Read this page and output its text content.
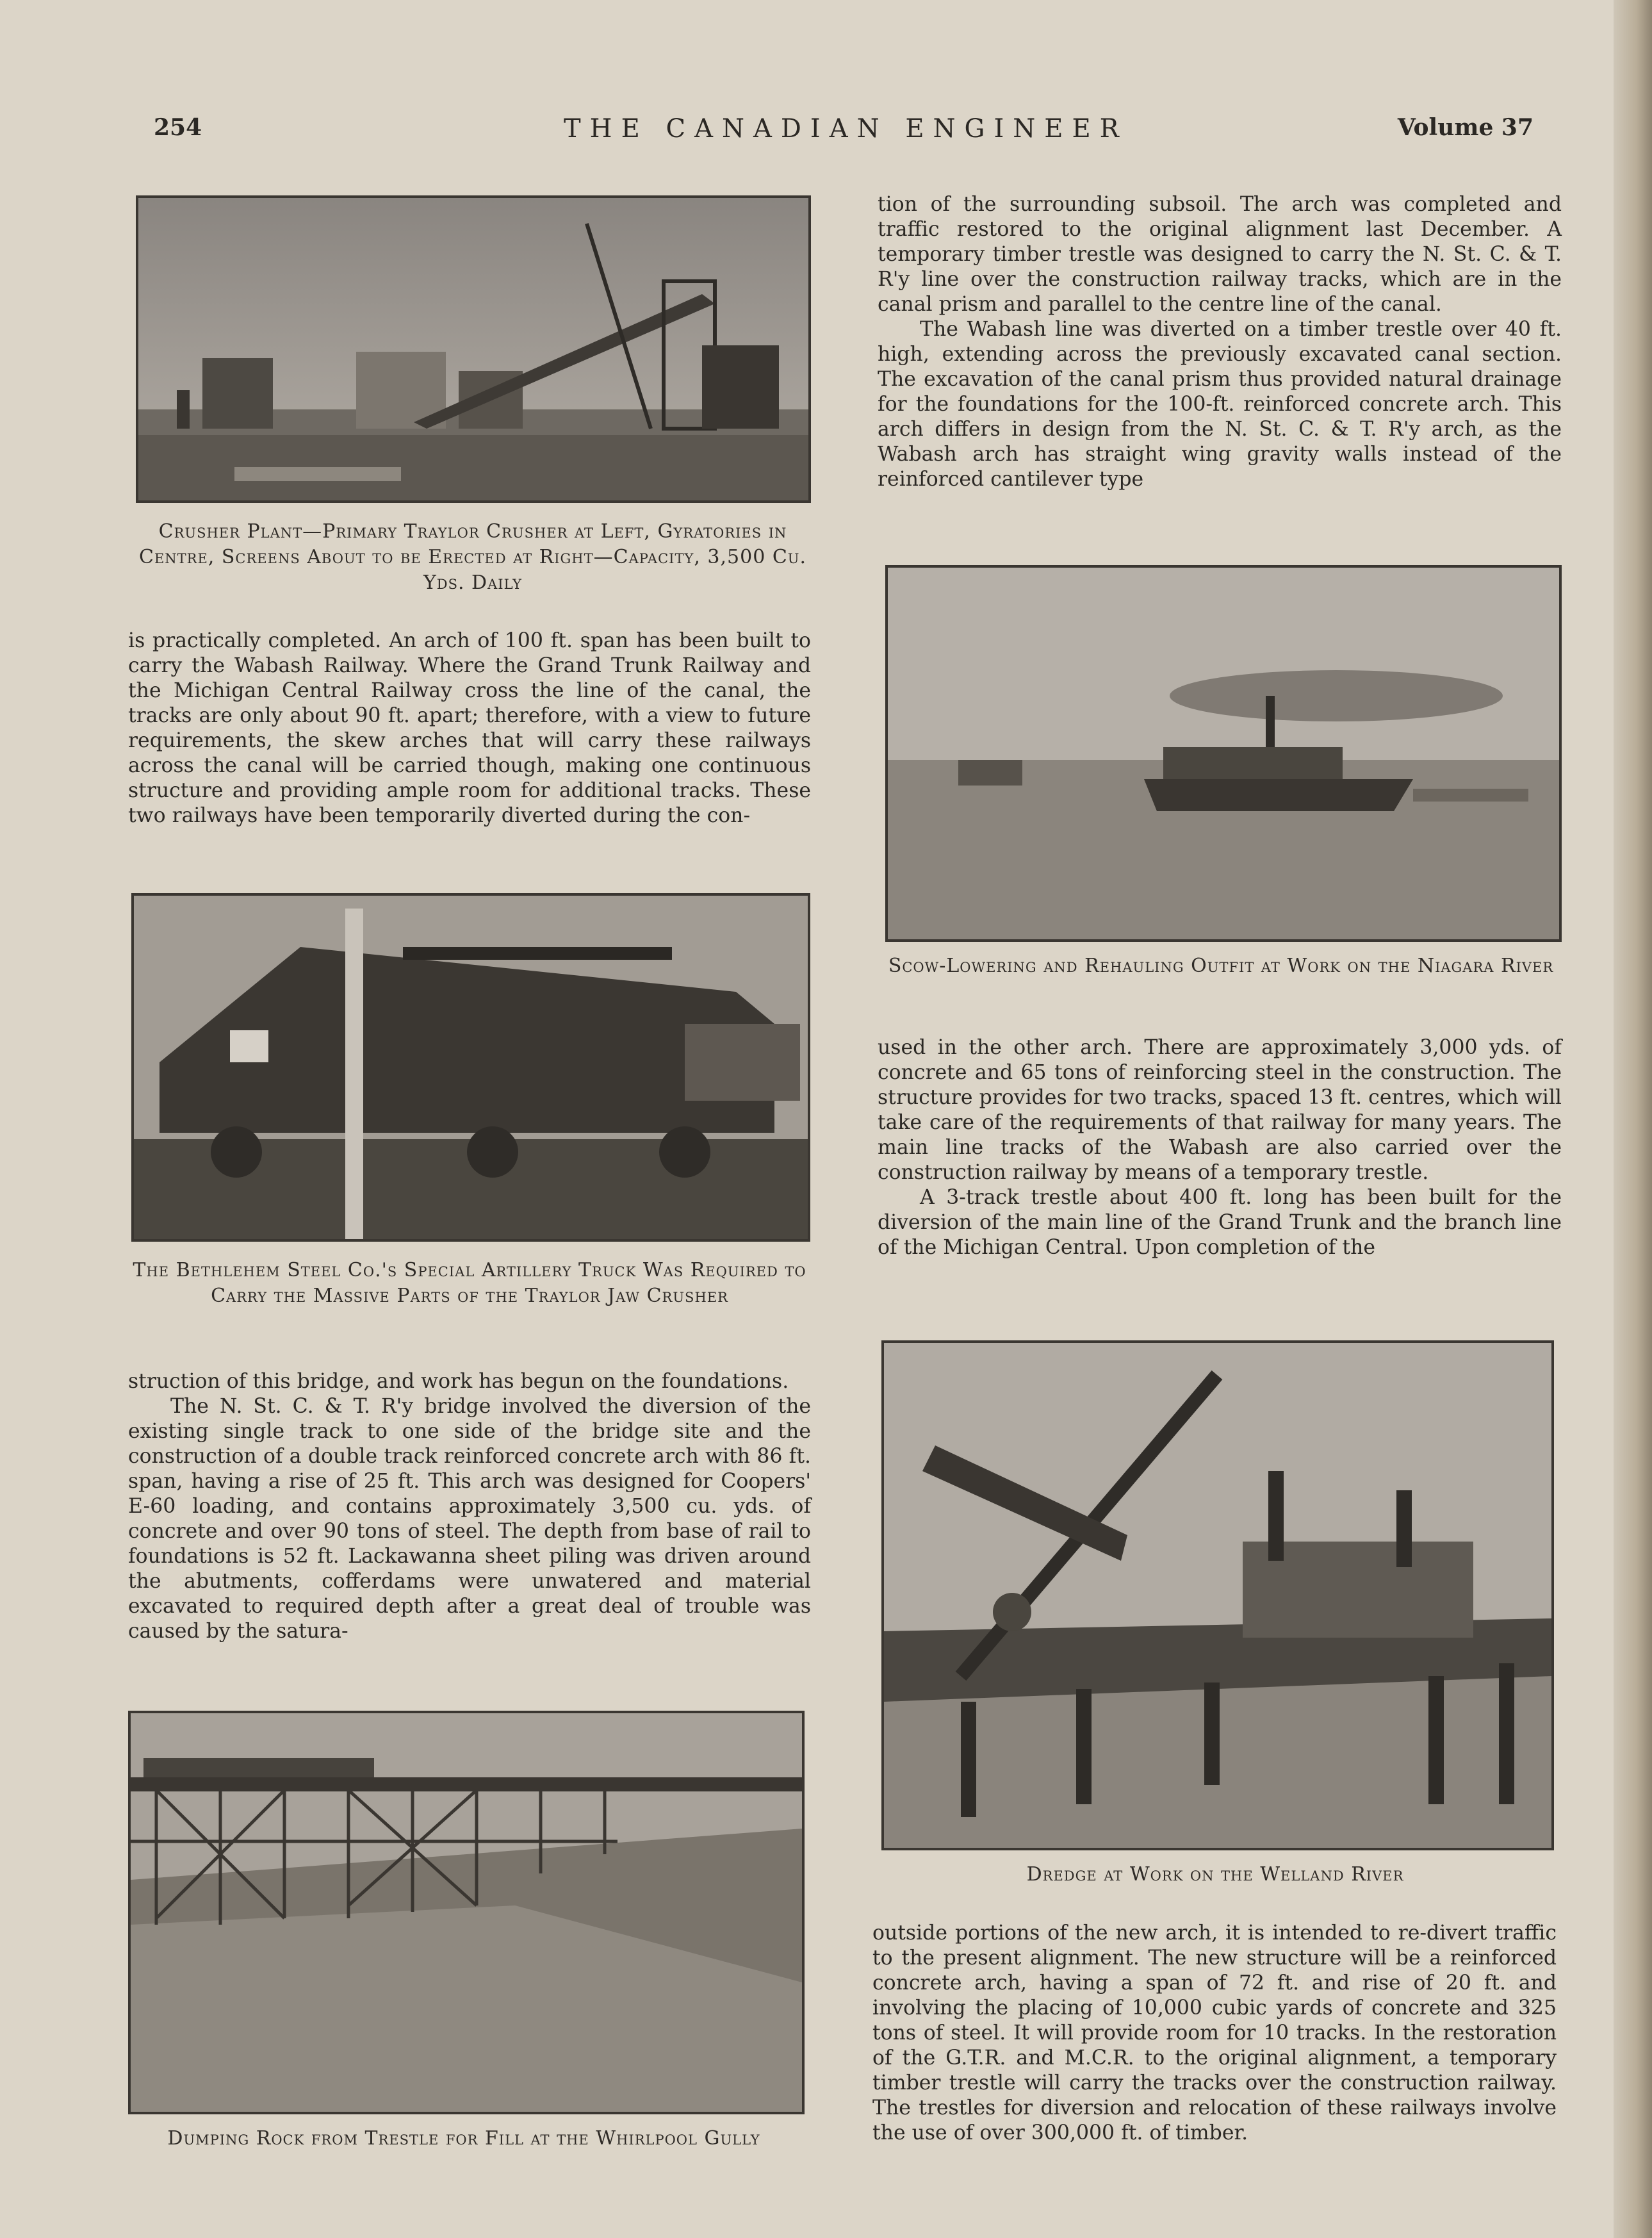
254	THE CANADIAN ENGINEER	Volume 37
Crusher Plant—Primary Traylor Crusher at Left, Gyratories in Centre, Screens About to be Erected at Right—Capacity, 3,500 Cu. Yds. Daily

is practically completed. An arch of 100 ft. span has been built to carry the Wabash Railway. Where the Grand Trunk Railway and the Michigan Central Railway cross the line of the canal, the tracks are only about 90 ft. apart; therefore, with a view to future requirements, the skew arches that will carry these railways across the canal will be carried though, making one continuous structure and providing ample room for additional tracks. These two railways have been temporarily diverted during the con-

The Bethlehem Steel Co.'s Special Artillery Truck Was Required to Carry the Massive Parts of the Traylor Jaw Crusher

struction of this bridge, and work has begun on the foundations.

The N. St. C. & T. R'y bridge involved the diversion of the existing single track to one side of the bridge site and the construction of a double track reinforced concrete arch with 86 ft. span, having a rise of 25 ft. This arch was designed for Coopers' E-60 loading, and contains approximately 3,500 cu. yds. of concrete and over 90 tons of steel. The depth from base of rail to foundations is 52 ft. Lackawanna sheet piling was driven around the abutments, cofferdams were unwatered and material excavated to required depth after a great deal of trouble was caused by the satura-

Dumping Rock from Trestle for Fill at the Whirlpool Gully

tion of the surrounding subsoil. The arch was completed and traffic restored to the original alignment last December. A temporary timber trestle was designed to carry the N. St. C. & T. R'y line over the construction railway tracks, which are in the canal prism and parallel to the centre line of the canal.

The Wabash line was diverted on a timber trestle over 40 ft. high, extending across the previously excavated canal section. The excavation of the canal prism thus provided natural drainage for the foundations for the 100-ft. reinforced concrete arch. This arch differs in design from the N. St. C. & T. R'y arch, as the Wabash arch has straight wing gravity walls instead of the reinforced cantilever type

Scow-Lowering and Rehauling Outfit at Work on the Niagara River

used in the other arch. There are approximately 3,000 yds. of concrete and 65 tons of reinforcing steel in the construction. The structure provides for two tracks, spaced 13 ft. centres, which will take care of the requirements of that railway for many years. The main line tracks of the Wabash are also carried over the construction railway by means of a temporary trestle.

A 3-track trestle about 400 ft. long has been built for the diversion of the main line of the Grand Trunk and the branch line of the Michigan Central. Upon completion of the

Dredge at Work on the Welland River

outside portions of the new arch, it is intended to re-divert traffic to the present alignment. The new structure will be a reinforced concrete arch, having a span of 72 ft. and rise of 20 ft. and involving the placing of 10,000 cubic yards of concrete and 325 tons of steel. It will provide room for 10 tracks. In the restoration of the G.T.R. and M.C.R. to the original alignment, a temporary timber trestle will carry the tracks over the construction railway. The trestles for diversion and relocation of these railways involve the use of over 300,000 ft. of timber.
